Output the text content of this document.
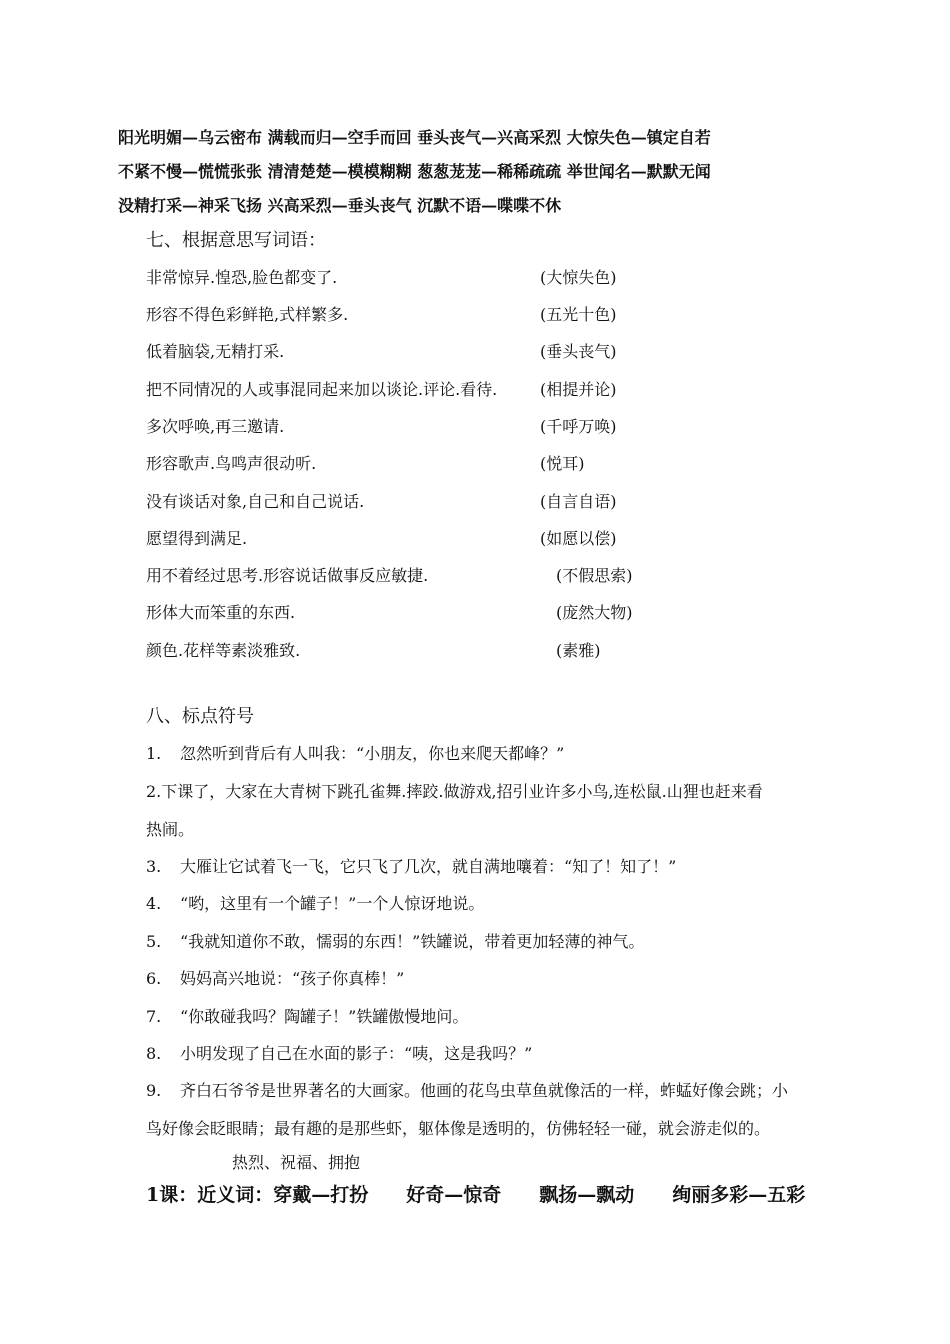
阳光明媚—乌云密布 满载而归—空手而回 垂头丧气—兴高采烈 大惊失色—镇定自若
不紧不慢—慌慌张张 清清楚楚—模模糊糊 葱葱茏茏—稀稀疏疏 举世闻名—默默无闻
没精打采—神采飞扬 兴高采烈—垂头丧气 沉默不语—喋喋不休
七、根据意思写词语：
非常惊异.惶恐,脸色都变了.	(大惊失色)
形容不得色彩鲜艳,式样繁多.	(五光十色)
低着脑袋,无精打采.	(垂头丧气)
把不同情况的人或事混同起来加以谈论.评论.看待.	(相提并论)
多次呼唤,再三邀请.	(千呼万唤)
形容歌声.鸟鸣声很动听.	(悦耳)
没有谈话对象,自己和自己说话.	(自言自语)
愿望得到满足.	(如愿以偿)
用不着经过思考.形容说话做事反应敏捷.	(不假思索)
形体大而笨重的东西.	(庞然大物)
颜色.花样等素淡雅致.	(素雅)
八、标点符号
1. 忽然听到背后有人叫我：“小朋友，你也来爬天都峰？”
2.下课了，大家在大青树下跳孔雀舞.摔跤.做游戏,招引业许多小鸟,连松鼠.山狸也赶来看
热闹。
3. 大雁让它试着飞一飞，它只飞了几次，就自满地嚷着：“知了！知了！”
4. “哟，这里有一个罐子！”一个人惊讶地说。
5. “我就知道你不敢，懦弱的东西！”铁罐说，带着更加轻薄的神气。
6. 妈妈高兴地说：“孩子你真棒！”
7. “你敢碰我吗？陶罐子！”铁罐傲慢地问。
8. 小明发现了自己在水面的影子：“咦，这是我吗？”
9. 齐白石爷爷是世界著名的大画家。他画的花鸟虫草鱼就像活的一样，蚱蜢好像会跳；小
鸟好像会眨眼睛；最有趣的是那些虾，躯体像是透明的，仿佛轻轻一碰，就会游走似的。
热烈、祝福、拥抱
1课：近义词：穿戴—打扮　　好奇—惊奇　　飘扬—飘动　　绚丽多彩—五彩
